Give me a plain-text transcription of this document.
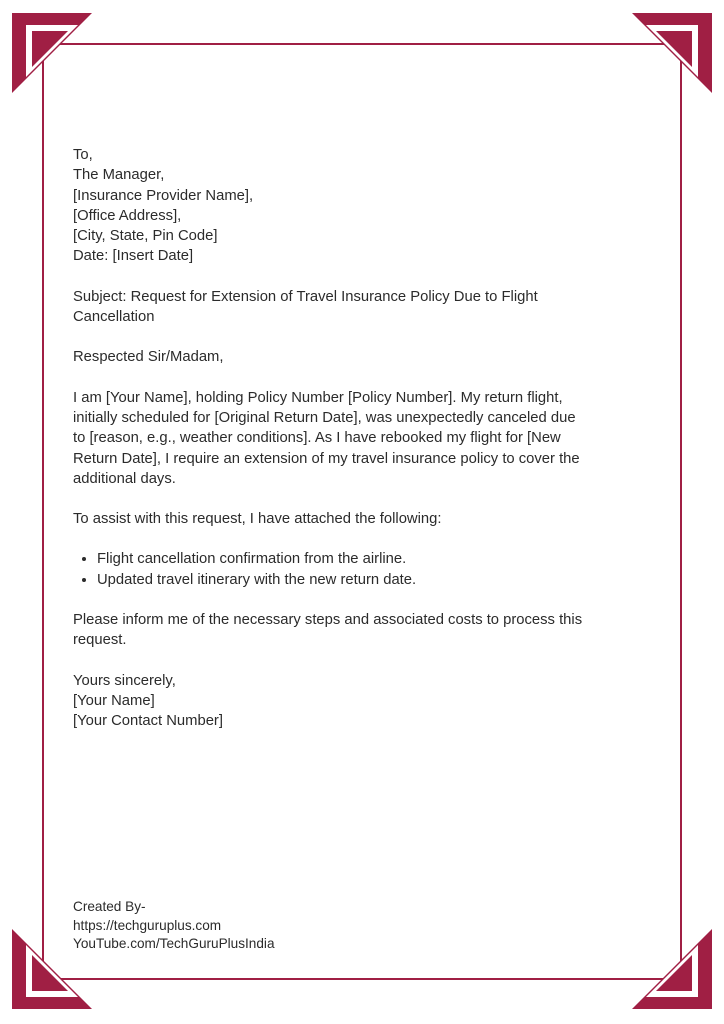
To,
The Manager,
[Insurance Provider Name],
[Office Address],
[City, State, Pin Code]
Date: [Insert Date]
Subject: Request for Extension of Travel Insurance Policy Due to Flight
Cancellation
Respected Sir/Madam,
I am [Your Name], holding Policy Number [Policy Number]. My return flight,
initially scheduled for [Original Return Date], was unexpectedly canceled due
to [reason, e.g., weather conditions]. As I have rebooked my flight for [New
Return Date], I require an extension of my travel insurance policy to cover the
additional days.
To assist with this request, I have attached the following:
• Flight cancellation confirmation from the airline.
• Updated travel itinerary with the new return date.
Please inform me of the necessary steps and associated costs to process this
request.
Yours sincerely,
[Your Name]
[Your Contact Number]
Created By-
https://techguruplus.com
YouTube.com/TechGuruPlusIndia
